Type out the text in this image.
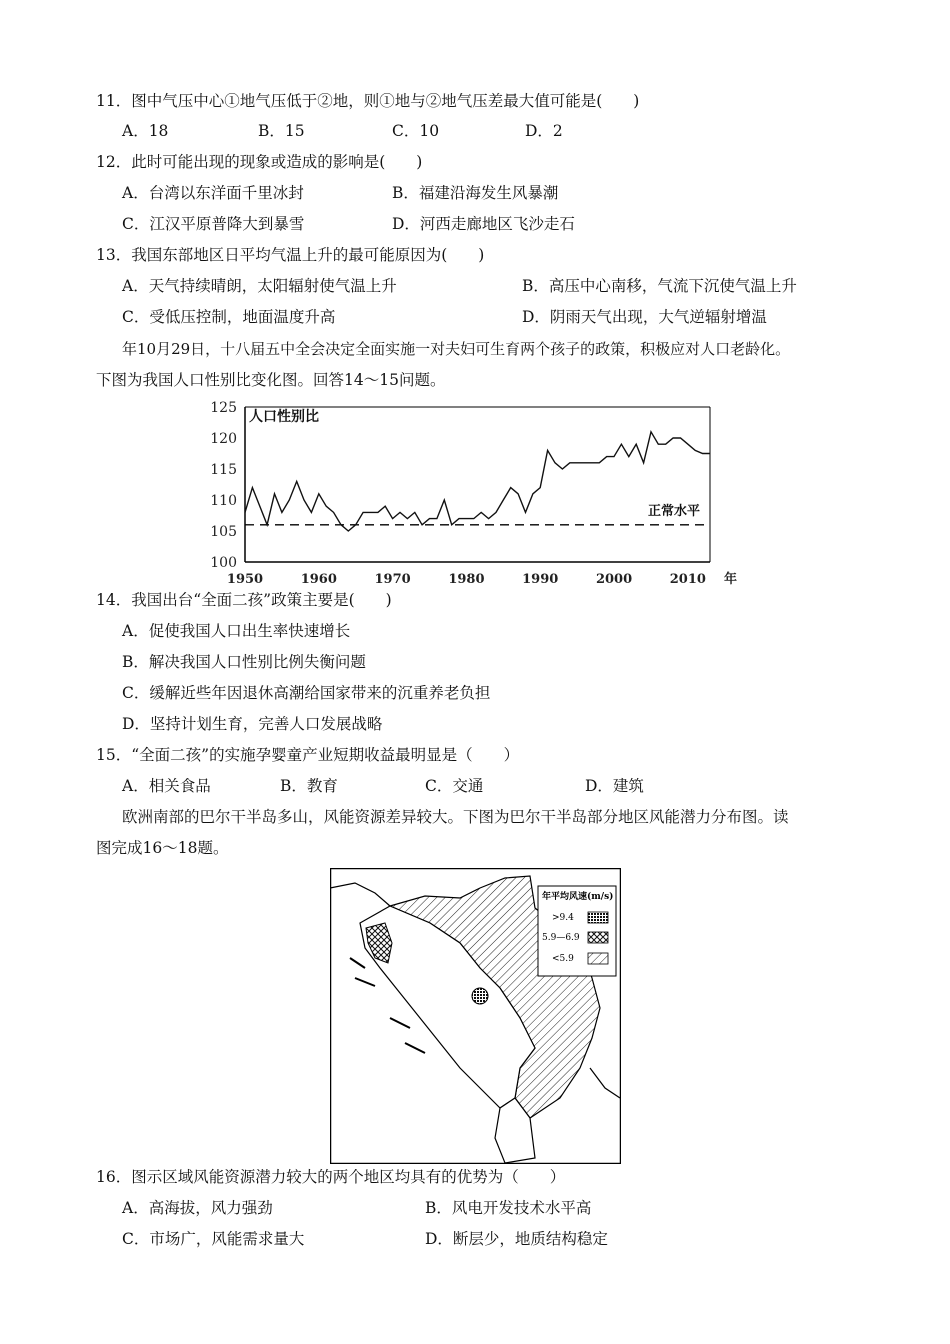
11．图中气压中心①地气压低于②地，则①地与②地气压差最大值可能是(　　)
A．18	B．15	C．10	D．2
12．此时可能出现的现象或造成的影响是(　　)
A．台湾以东洋面千里冰封	B．福建沿海发生风暴潮
C．江汉平原普降大到暴雪	D．河西走廊地区飞沙走石
13．我国东部地区日平均气温上升的最可能原因为(　　)
A．天气持续晴朗，太阳辐射使气温上升	B．高压中心南移，气流下沉使气温上升
C．受低压控制，地面温度升高	D．阴雨天气出现，大气逆辐射增温
年10月29日，十八届五中全会决定全面实施一对夫妇可生育两个孩子的政策，积极应对人口老龄化。
下图为我国人口性别比变化图。回答14～15问题。
125
120
115
110
105
100
1950	1960	1970	1980	1990	2000	2010 年
人口性别比
正常水平
14．我国出台“全面二孩”政策主要是(　　)
A．促使我国人口出生率快速增长
B．解决我国人口性别比例失衡问题
C．缓解近些年因退休高潮给国家带来的沉重养老负担
D．坚持计划生育，完善人口发展战略
15．“全面二孩”的实施孕婴童产业短期收益最明显是（　　）
A．相关食品	B．教育	C．交通	D．建筑
欧洲南部的巴尔干半岛多山，风能资源差异较大。下图为巴尔干半岛部分地区风能潜力分布图。读
图完成16～18题。
年平均风速(m/s)
>9.4
5.9—6.9
<5.9
16．图示区域风能资源潜力较大的两个地区均具有的优势为（　　）
A．高海拔，风力强劲	B．风电开发技术水平高
C．市场广，风能需求量大	D．断层少，地质结构稳定
